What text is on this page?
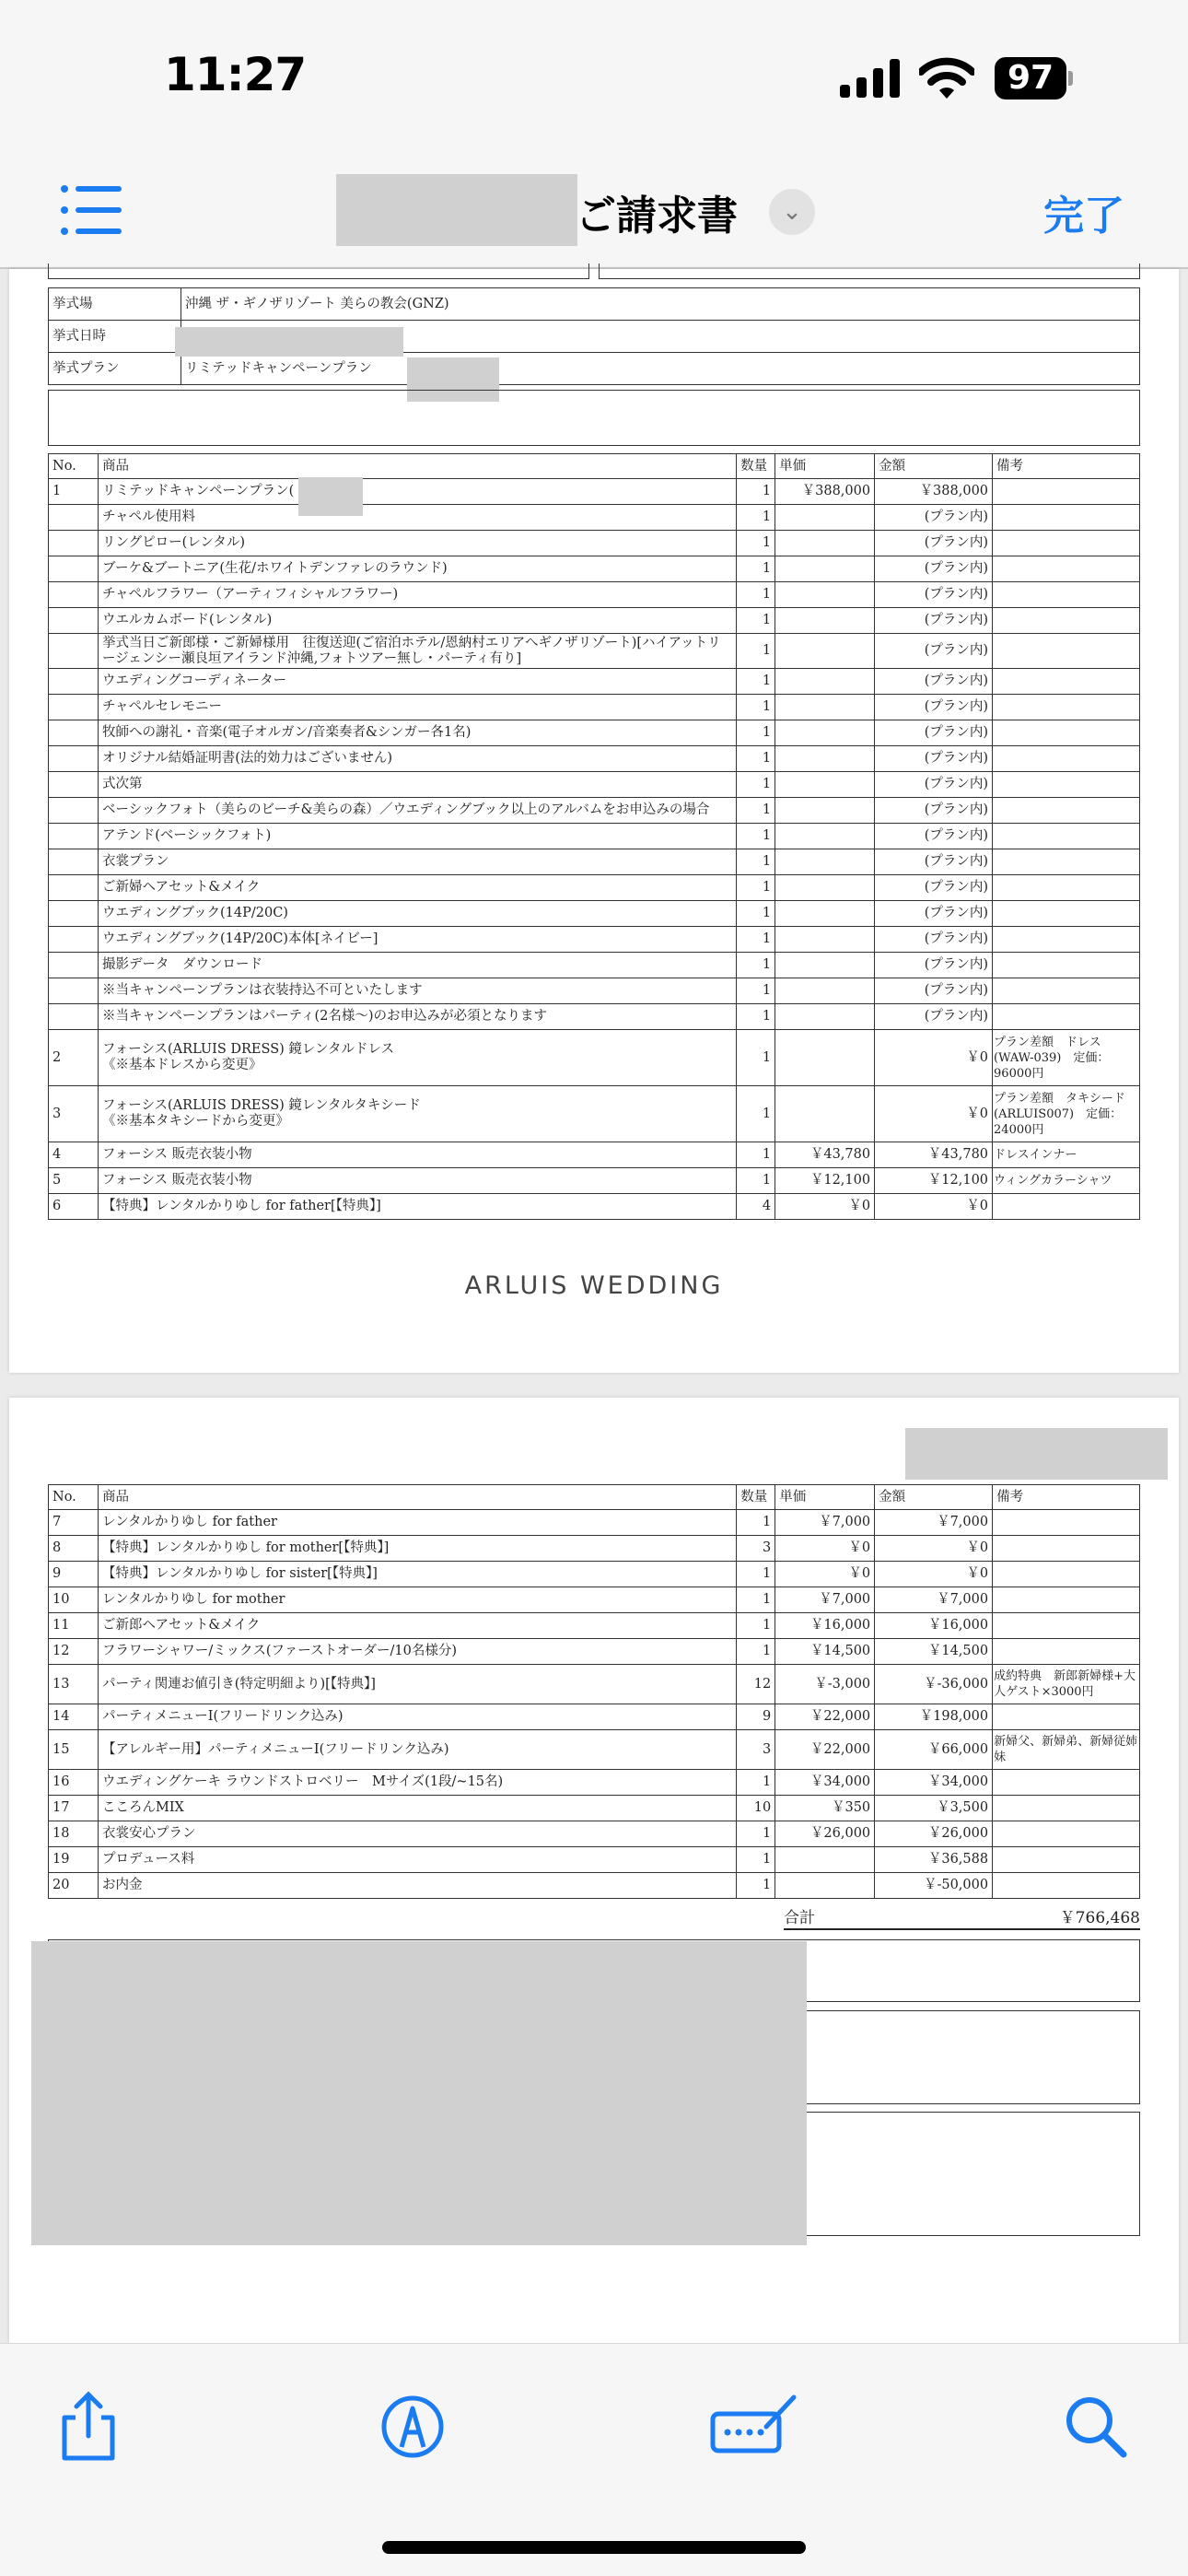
11:27	97
ご請求書	⌄	完了
挙式場	沖縄 ザ・ギノザリゾート 美らの教会(GNZ)
挙式日時	
挙式プラン	リミテッドキャンペーンプラン
No.	商品	数量	単価	金額	備考
1	リミテッドキャンペーンプラン(	1	￥388,000	￥388,000	
	チャペル使用料	1		(プラン内)	
	リングピロー(レンタル)	1		(プラン内)	
	ブーケ&ブートニア(生花/ホワイトデンファレのラウンド)	1		(プラン内)	
	チャペルフラワー（アーティフィシャルフラワー)	1		(プラン内)	
	ウエルカムボード(レンタル)	1		(プラン内)	
	挙式当日ご新郎様・ご新婦様用　往復送迎(ご宿泊ホテル/恩納村エリアへギノザリゾート)[ハイアットリージェンシー瀬良垣アイランド沖縄,フォトツアー無し・パーティ有り]	1		(プラン内)	
	ウエディングコーディネーター	1		(プラン内)	
	チャペルセレモニー	1		(プラン内)	
	牧師への謝礼・音楽(電子オルガン/音楽奏者&シンガー各1名)	1		(プラン内)	
	オリジナル結婚証明書(法的効力はございません)	1		(プラン内)	
	式次第	1		(プラン内)	
	ベーシックフォト（美らのビーチ&美らの森）／ウエディングブック以上のアルバムをお申込みの場合	1		(プラン内)	
	アテンド(ベーシックフォト)	1		(プラン内)	
	衣裳プラン	1		(プラン内)	
	ご新婦ヘアセット&メイク	1		(プラン内)	
	ウエディングブック(14P/20C)	1		(プラン内)	
	ウエディングブック(14P/20C)本体[ネイビー]	1		(プラン内)	
	撮影データ　ダウンロード	1		(プラン内)	
	※当キャンペーンプランは衣装持込不可といたします	1		(プラン内)	
	※当キャンペーンプランはパーティ(2名様〜)のお申込みが必須となります	1		(プラン内)	
2	フォーシス(ARLUIS DRESS) 鏡レンタルドレス
《※基本ドレスから変更》	1		￥0	プラン差額　ドレス(WAW-039)　定価：96000円
3	フォーシス(ARLUIS DRESS) 鏡レンタルタキシード
《※基本タキシードから変更》	1		￥0	プラン差額　タキシード(ARLUIS007)　定価：24000円
4	フォーシス 販売衣装小物	1	￥43,780	￥43,780	ドレスインナー
5	フォーシス 販売衣装小物	1	￥12,100	￥12,100	ウィングカラーシャツ
6	【特典】レンタルかりゆし for father[【特典】]	4	￥0	￥0	
ARLUIS WEDDING
No.	商品	数量	単価	金額	備考
7	レンタルかりゆし for father	1	￥7,000	￥7,000	
8	【特典】レンタルかりゆし for mother[【特典】]	3	￥0	￥0	
9	【特典】レンタルかりゆし for sister[【特典】]	1	￥0	￥0	
10	レンタルかりゆし for mother	1	￥7,000	￥7,000	
11	ご新郎ヘアセット&メイク	1	￥16,000	￥16,000	
12	フラワーシャワー/ミックス(ファーストオーダー/10名様分)	1	￥14,500	￥14,500	
13	パーティ関連お値引き(特定明細より)[【特典】]	12	￥-3,000	￥-36,000	成約特典　新郎新婦様+大人ゲスト×3000円
14	パーティメニューⅠ(フリードリンク込み)	9	￥22,000	￥198,000	
15	【アレルギー用】パーティメニューⅠ(フリードリンク込み)	3	￥22,000	￥66,000	新婦父、新婦弟、新婦従姉妹
16	ウエディングケーキ ラウンドストロベリー　Mサイズ(1段/~15名)	1	￥34,000	￥34,000	
17	こころんMIX	10	￥350	￥3,500	
18	衣裳安心プラン	1	￥26,000	￥26,000	
19	プロデュース料	1		￥36,588	
20	お内金	1		￥-50,000	
合計	￥766,468
